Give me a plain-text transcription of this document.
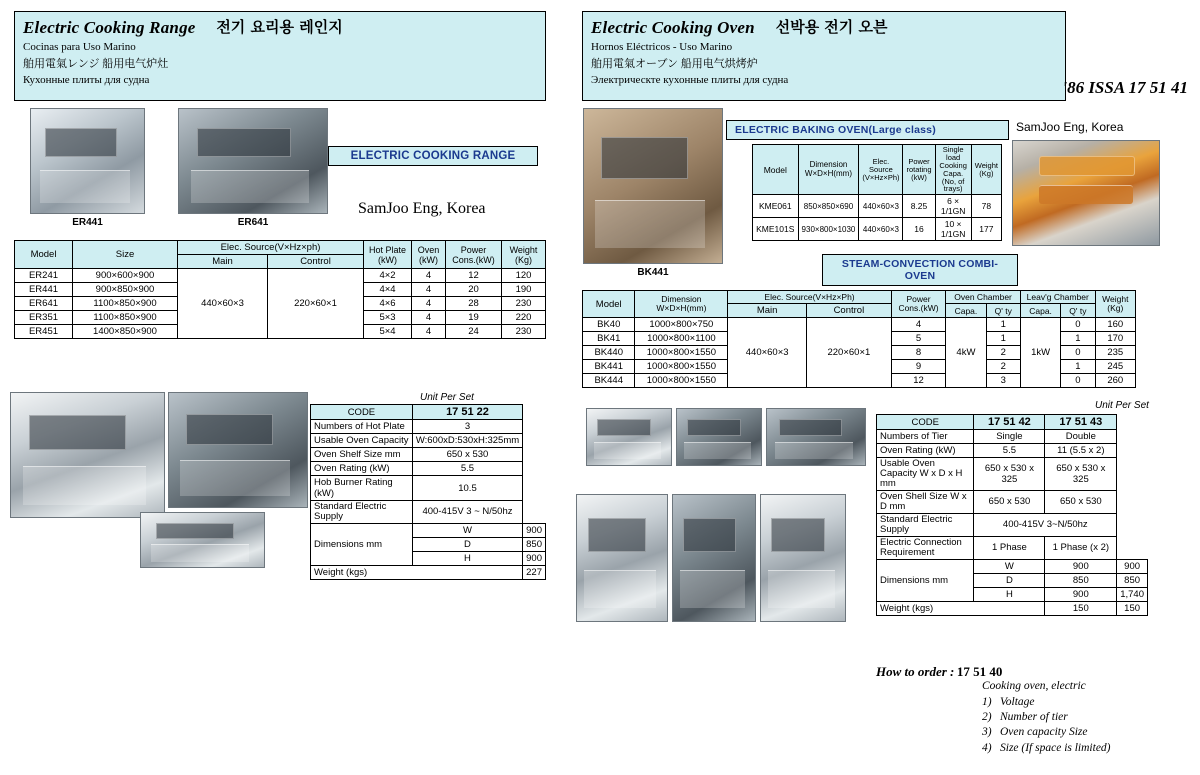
Electric Cooking Range 전기 요리용 레인지
Cocinas para Uso Marino
舶用電氣レンジ 船用电气炉灶
Кухонные плиты для судна
Electric Cooking Oven 선박용 전기 오븐
Hornos Eléctricos - Uso Marino
舶用電氣オーブン 船用电气烘烤炉
Электрическте кухонные плиты для судна	'86 ISSA 17 51 41
ER441	ER641
ELECTRIC COOKING RANGE
SamJoo Eng, Korea
Model	Size	Elec. Source(V×Hz×ph)		Hot Plate (kW)	Oven (kW)	Power Cons.(kW)	Weight (Kg)
		Main	Control				
ER241	900×600×900	440×60×3	220×60×1	4×2	4	12	120
ER441	900×850×900			4×4	4	20	190
ER641	1100×850×900			4×6	4	28	230
ER351	1100×850×900			5×3	4	19	220
ER451	1400×850×900			5×4	4	24	230
Unit Per Set
CODE	17 51 22	
Numbers of Hot Plate	3	
Usable Oven Capacity	W:600xD:530xH:325mm	
Oven Shelf Size mm	650 x 530	
Oven Rating (kW)	5.5	
Hob Burner Rating (kW)	10.5	
Standard Electric Supply	400-415V 3 ~ N/50hz	
Dimensions mm	W	900
	D	850
	H	900
Weight (kgs)		227
BK441
ELECTRIC BAKING OVEN(Large class)	SamJoo Eng, Korea
Model	Dimension W×D×H(mm)	Elec. Source (V×Hz×Ph)	Power rotating (kW)	Single load Cooking Capa. (No, of trays)	Weight (Kg)
KME061	850×850×690	440×60×3	8.25	6 × 1/1GN	78
KME101S	930×800×1030	440×60×3	16	10 × 1/1GN	177
STEAM-CONVECTION COMBI-OVEN
Model	Dimension W×D×H(mm)	Elec. Source(V×Hz×Ph)		Power Cons.(kW)	Oven Chamber		Leav'g Chamber		Weight (Kg)
		Main	Control		Capa.	Q' ty	Capa.	Q' ty	
BK40	1000×800×750	440×60×3	220×60×1	4	4kW	1	1kW	0	160
BK41	1000×800×1100			5		1		1	170
BK440	1000×800×1550			8		2		0	235
BK441	1000×800×1550			9		2		1	245
BK444	1000×800×1550			12		3		0	260
Unit Per Set
CODE	17 51 42	17 51 43	
Numbers of Tier	Single	Double	
Oven Rating (kW)	5.5	11 (5.5 x 2)	
Usable Oven Capacity W x D x H mm	650 x 530 x 325	650 x 530 x 325	
Oven Shell Size W x D mm	650 x 530	650 x 530	
Standard Electric Supply	400-415V 3~N/50hz		
Electric Connection Requirement	1 Phase	1 Phase (x 2)	
Dimensions mm	W	900	900
	D	850	850
	H	900	1,740
Weight (kgs)		150	150
How to order : 17 51 40
Cooking oven, electric
1) Voltage
2) Number of tier
3) Oven capacity Size
4) Size (If space is limited)
